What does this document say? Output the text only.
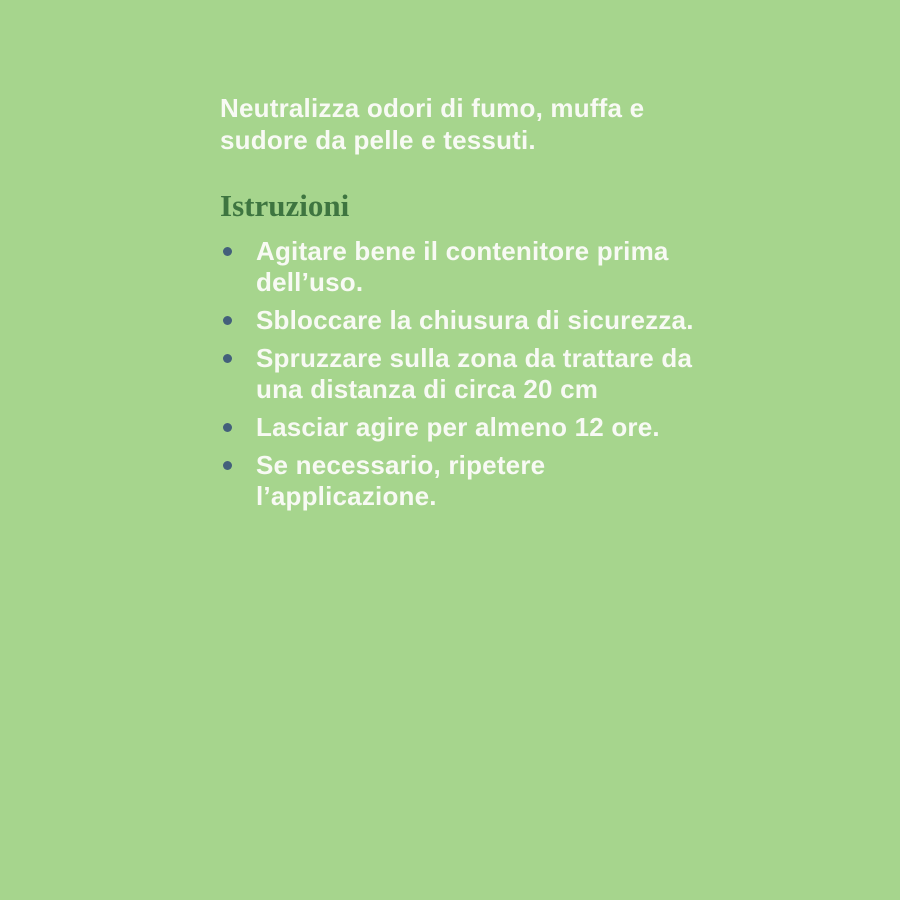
Neutralizza odori di fumo, muffa e sudore da pelle e tessuti.

Istruzioni
Agitare bene il contenitore prima dell’uso.
Sbloccare la chiusura di sicurezza.
Spruzzare sulla zona da trattare da una distanza di circa 20 cm
Lasciar agire per almeno 12 ore.
Se necessario, ripetere l’applicazione.
